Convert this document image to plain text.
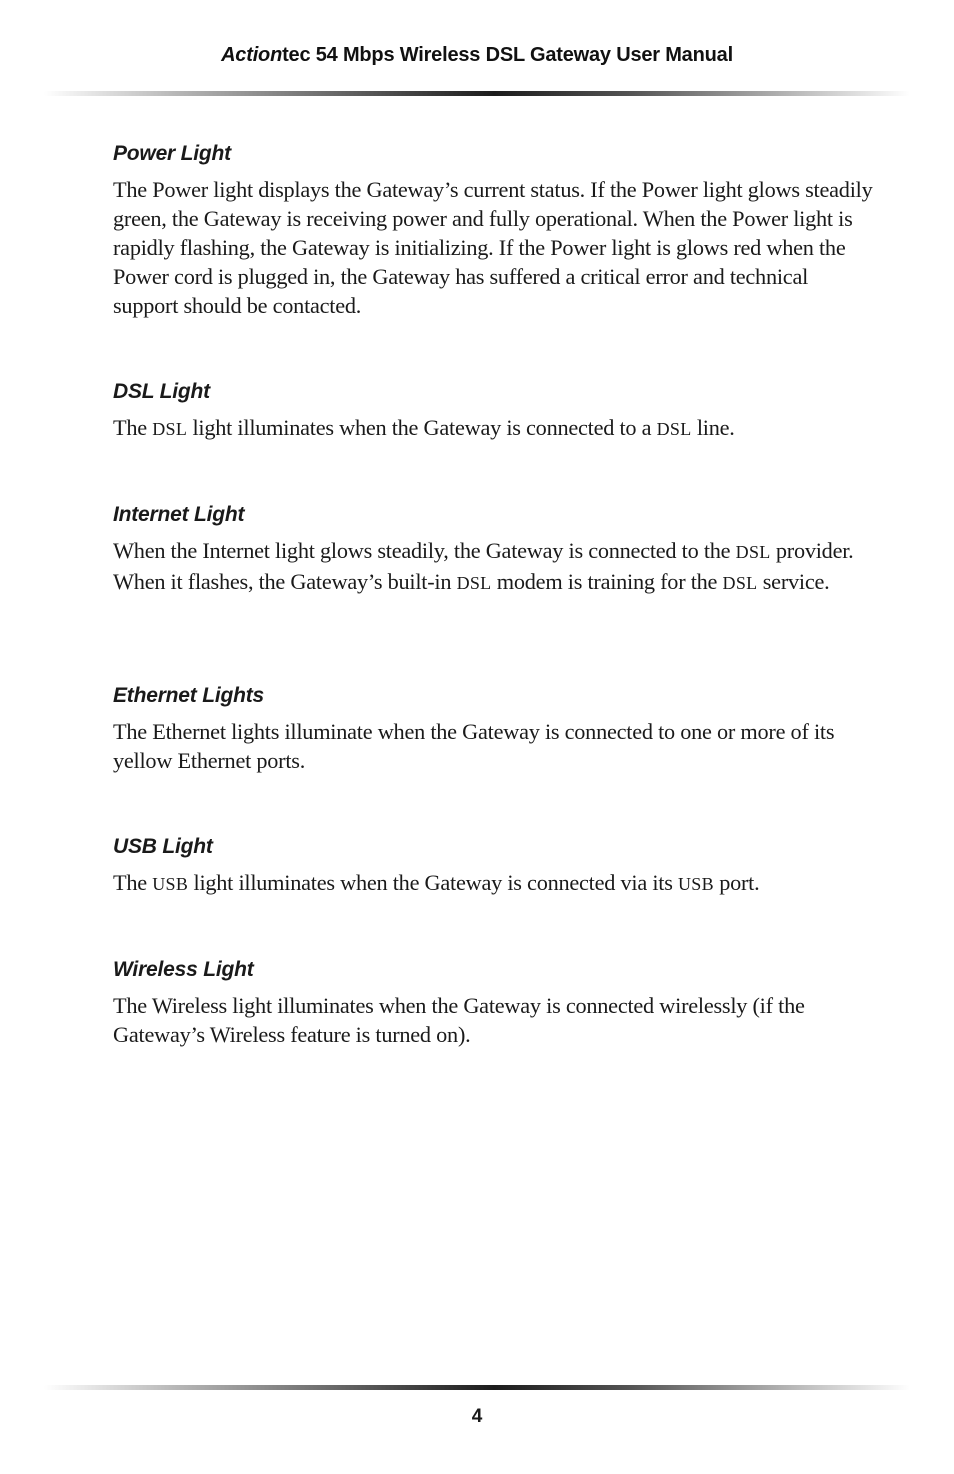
Actiontec 54 Mbps Wireless DSL Gateway User Manual
Power Light

The Power light displays the Gateway’s current status. If the Power light glows steadily green, the Gateway is receiving power and fully operational. When the Power light is rapidly flashing, the Gateway is initializing. If the Power light is glows red when the Power cord is plugged in, the Gateway has suffered a critical error and technical support should be contacted.

DSL Light

The DSL light illuminates when the Gateway is connected to a DSL line.

Internet Light

When the Internet light glows steadily, the Gateway is connected to the DSL provider. When it flashes, the Gateway’s built-in DSL modem is training for the DSL service.

Ethernet Lights

The Ethernet lights illuminate when the Gateway is connected to one or more of its yellow Ethernet ports.

USB Light

The USB light illuminates when the Gateway is connected via its USB port.

Wireless Light

The Wireless light illuminates when the Gateway is connected wirelessly (if the Gateway’s Wireless feature is turned on).

4
